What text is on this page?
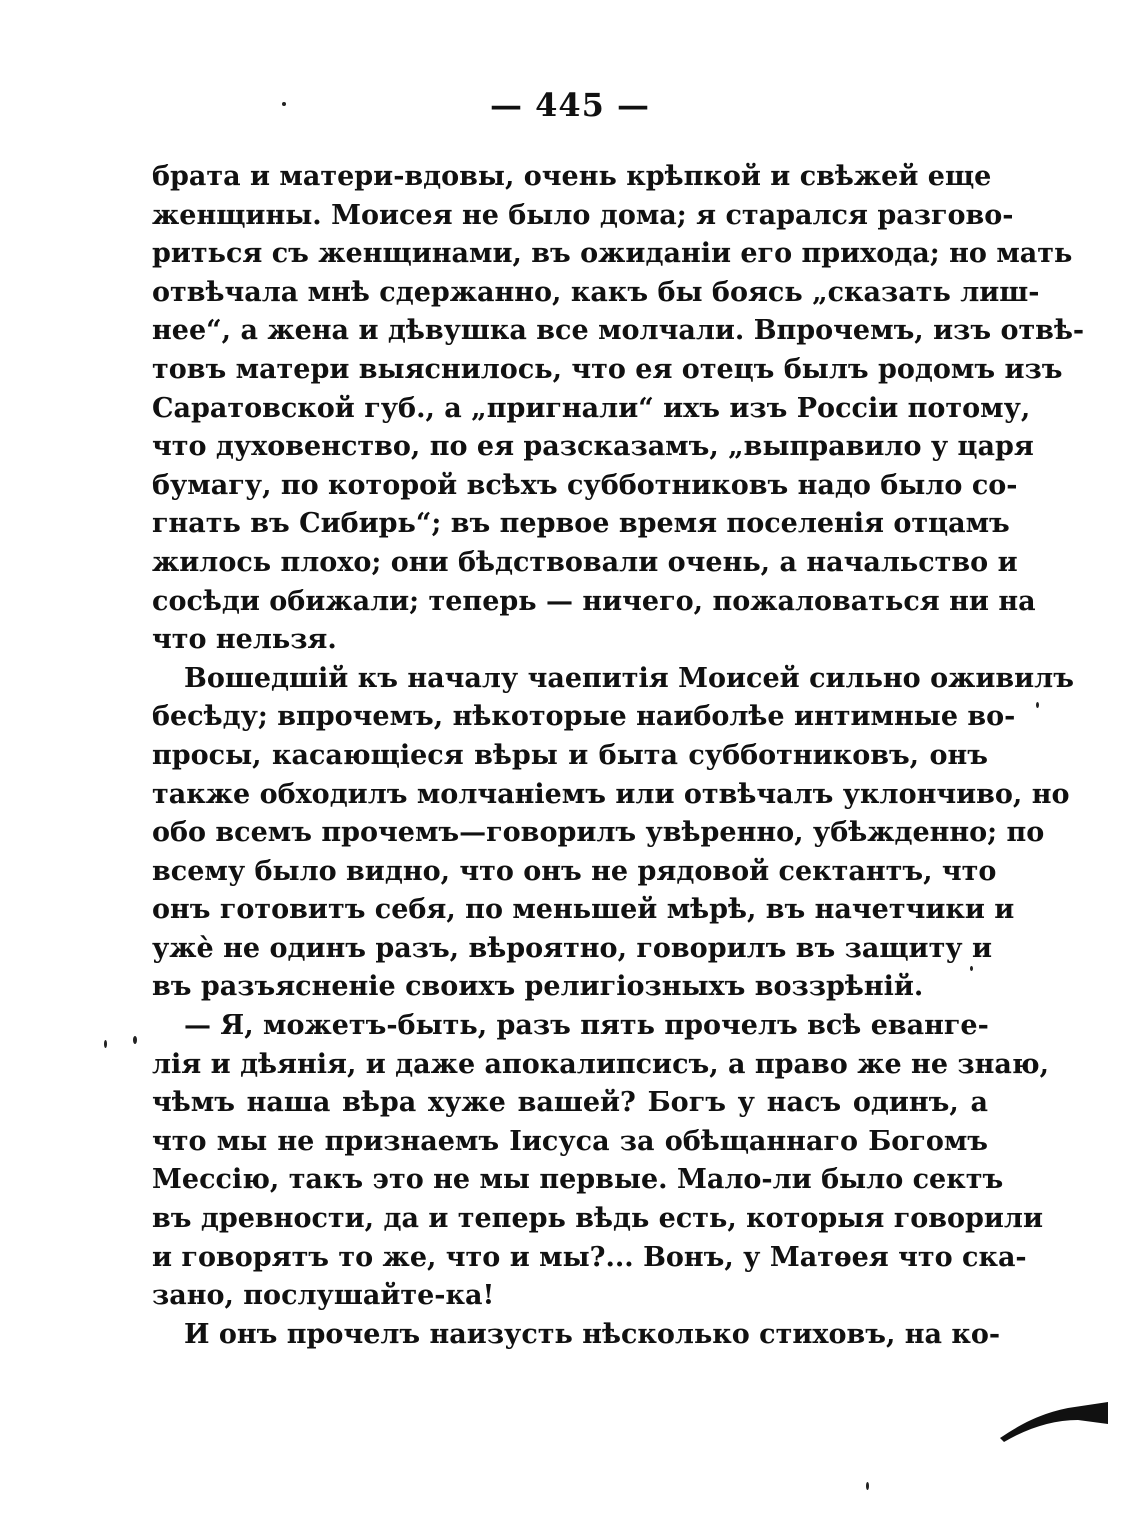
— 445 —
брата и матери-вдовы, очень крѣпкой и свѣжей еще
женщины. Моисея не было дома; я старался разгово-
риться съ женщинами, въ ожиданіи его прихода; но мать
отвѣчала мнѣ сдержанно, какъ бы боясь „сказать лиш-
нее“, а жена и дѣвушка все молчали. Впрочемъ, изъ отвѣ-
товъ матери выяснилось, что ея отецъ былъ родомъ изъ
Саратовской губ., а „пригнали“ ихъ изъ Россіи потому,
что духовенство, по ея разсказамъ, „выправило у царя
бумагу, по которой всѣхъ субботниковъ надо было со-
гнать въ Сибирь“; въ первое время поселенія отцамъ
жилось плохо; они бѣдствовали очень, а начальство и
сосѣди обижали; теперь — ничего, пожаловаться ни на
что нельзя.
Вошедшій къ началу чаепитія Моисей сильно оживилъ
бесѣду; впрочемъ, нѣкоторые наиболѣе интимные во-
просы, касающіеся вѣры и быта субботниковъ, онъ
также обходилъ молчаніемъ или отвѣчалъ уклончиво, но
обо всемъ прочемъ—говорилъ увѣренно, убѣжденно; по
всему было видно, что онъ не рядовой сектантъ, что
онъ готовитъ себя, по меньшей мѣрѣ, въ начетчики и
ужè не одинъ разъ, вѣроятно, говорилъ въ защиту и
въ разъясненіе своихъ религіозныхъ воззрѣній.
— Я, можетъ-быть, разъ пять прочелъ всѣ еванге-
лія и дѣянія, и даже апокалипсисъ, а право же не знаю,
чѣмъ наша вѣра хуже вашей? Богъ у насъ одинъ, а
что мы не признаемъ Іисуса за обѣщаннаго Богомъ
Мессію, такъ это не мы первые. Мало-ли было сектъ
въ древности, да и теперь вѣдь есть, которыя говорили
и говорятъ то же, что и мы?... Вонъ, у Матѳея что ска-
зано, послушайте-ка!
И онъ прочелъ наизусть нѣсколько стиховъ, на ко-
